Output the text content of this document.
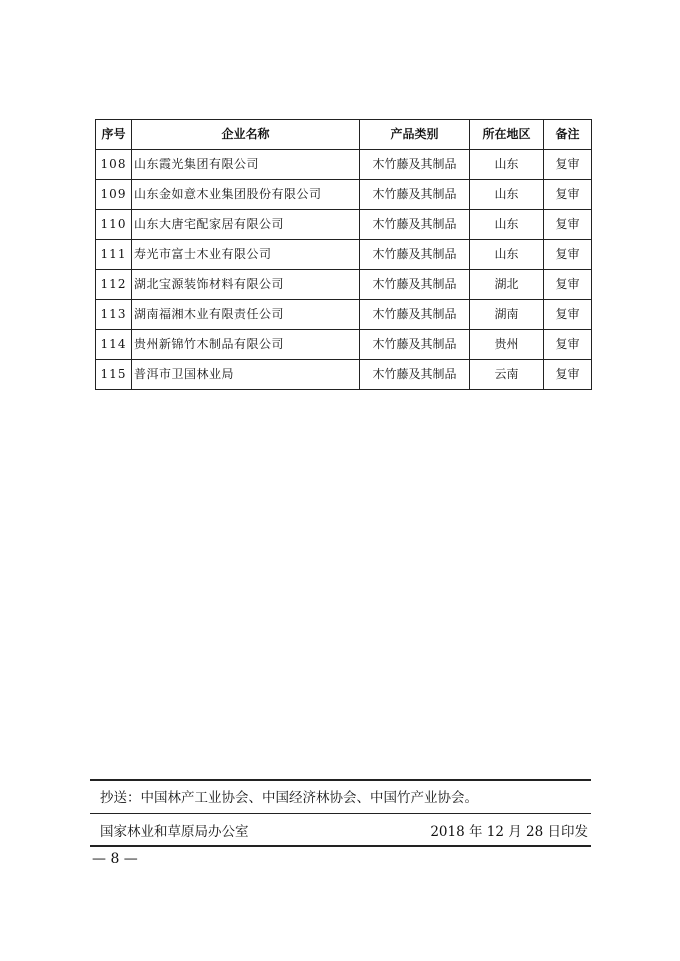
序号	企业名称	产品类别	所在地区	备注
108	山东霞光集团有限公司	木竹藤及其制品	山东	复审
109	山东金如意木业集团股份有限公司	木竹藤及其制品	山东	复审
110	山东大唐宅配家居有限公司	木竹藤及其制品	山东	复审
111	寿光市富士木业有限公司	木竹藤及其制品	山东	复审
112	湖北宝源装饰材料有限公司	木竹藤及其制品	湖北	复审
113	湖南福湘木业有限责任公司	木竹藤及其制品	湖南	复审
114	贵州新锦竹木制品有限公司	木竹藤及其制品	贵州	复审
115	普洱市卫国林业局	木竹藤及其制品	云南	复审
抄送：中国林产工业协会、中国经济林协会、中国竹产业协会。
国家林业和草原局办公室	2018 年 12 月 28 日印发
— 8 —
